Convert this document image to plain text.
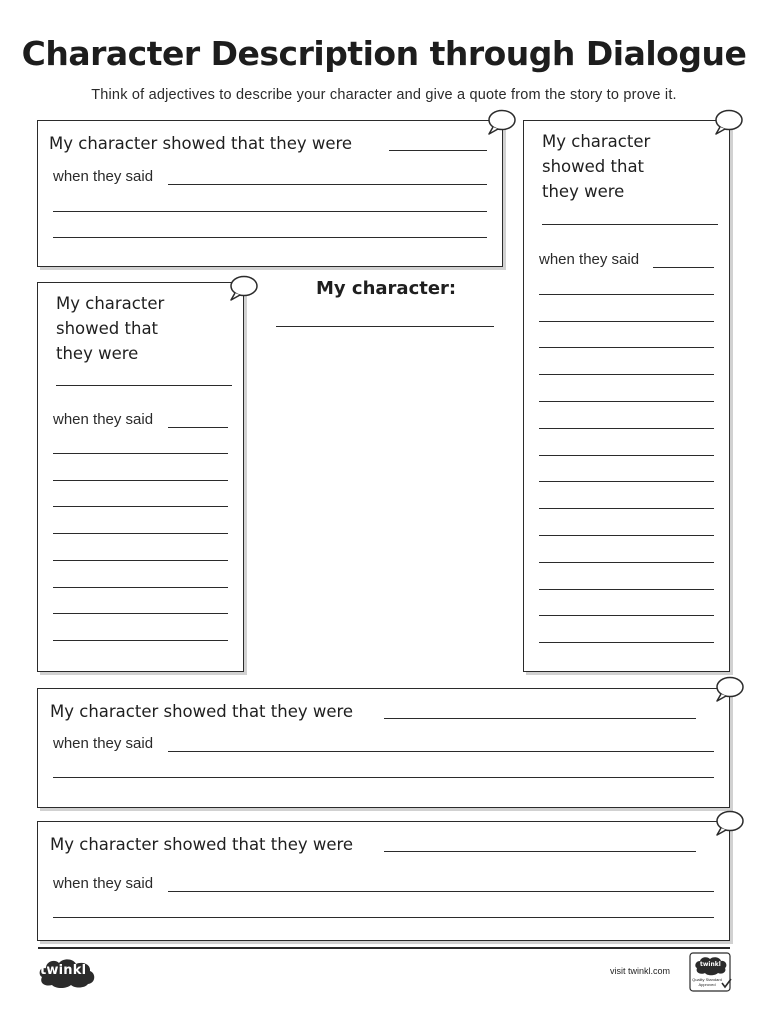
Character Description through Dialogue
Think of adjectives to describe your character and give a quote from the story to prove it.
My character showed that they were
when they said
My character
showed that
they were
when they said
My character
showed that
they were
when they said
My character:
My character showed that they were
when they said
My character showed that they were
when they said
twinkl	visit twinkl.com
twinkl
Quality Standard Approved
